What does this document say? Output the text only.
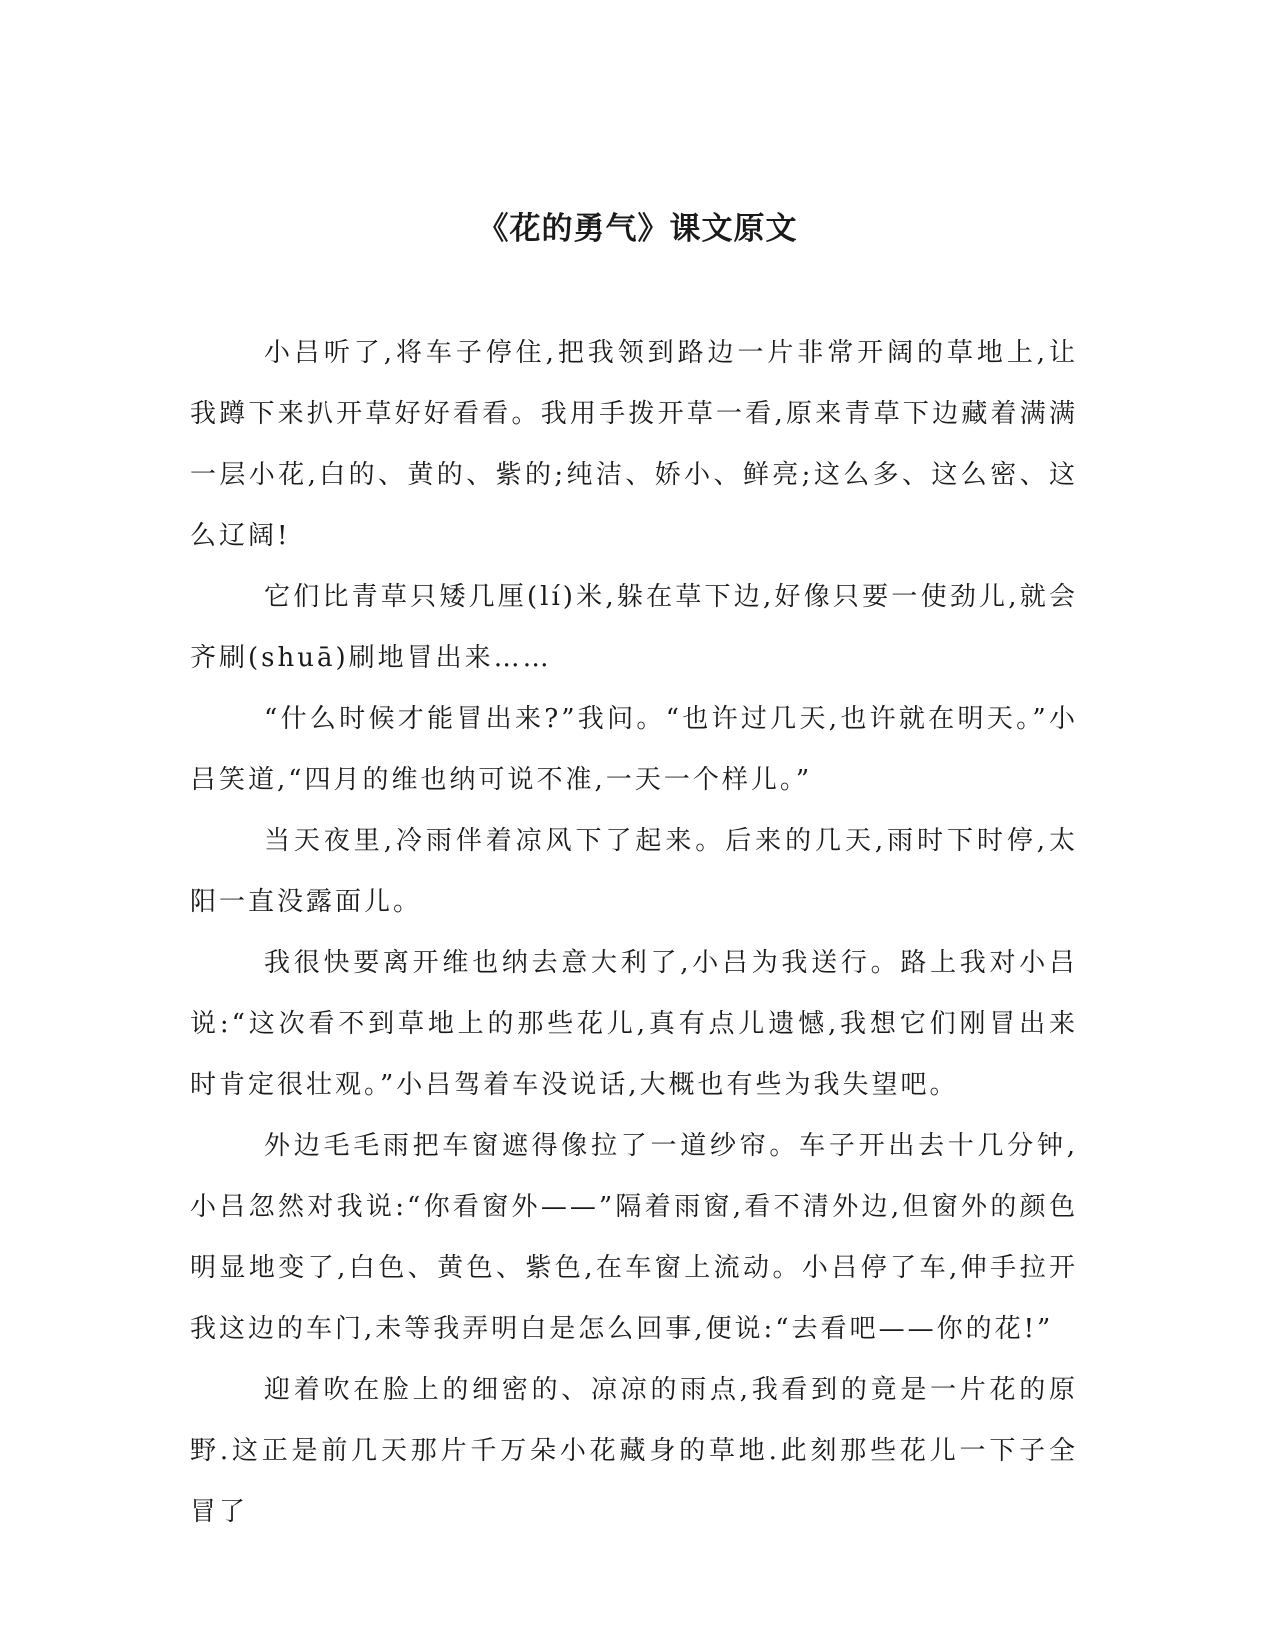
《花的勇气》课文原文

小吕听了,将车子停住,把我领到路边一片非常开阔的草地上,让我蹲下来扒开草好好看看。我用手拨开草一看,原来青草下边藏着满满一层小花,白的、黄的、紫的;纯洁、娇小、鲜亮;这么多、这么密、这么辽阔!

它们比青草只矮几厘(lí)米,躲在草下边,好像只要一使劲儿,就会齐刷(shuā)刷地冒出来……

“什么时候才能冒出来?”我问。“也许过几天,也许就在明天。”小吕笑道,“四月的维也纳可说不准,一天一个样儿。”

当天夜里,冷雨伴着凉风下了起来。后来的几天,雨时下时停,太阳一直没露面儿。

我很快要离开维也纳去意大利了,小吕为我送行。路上我对小吕说:“这次看不到草地上的那些花儿,真有点儿遗憾,我想它们刚冒出来时肯定很壮观。”小吕驾着车没说话,大概也有些为我失望吧。

外边毛毛雨把车窗遮得像拉了一道纱帘。车子开出去十几分钟,小吕忽然对我说:“你看窗外——”隔着雨窗,看不清外边,但窗外的颜色明显地变了,白色、黄色、紫色,在车窗上流动。小吕停了车,伸手拉开我这边的车门,未等我弄明白是怎么回事,便说:“去看吧——你的花!”

迎着吹在脸上的细密的、凉凉的雨点,我看到的竟是一片花的原野.这正是前几天那片千万朵小花藏身的草地.此刻那些花儿一下子全冒了
